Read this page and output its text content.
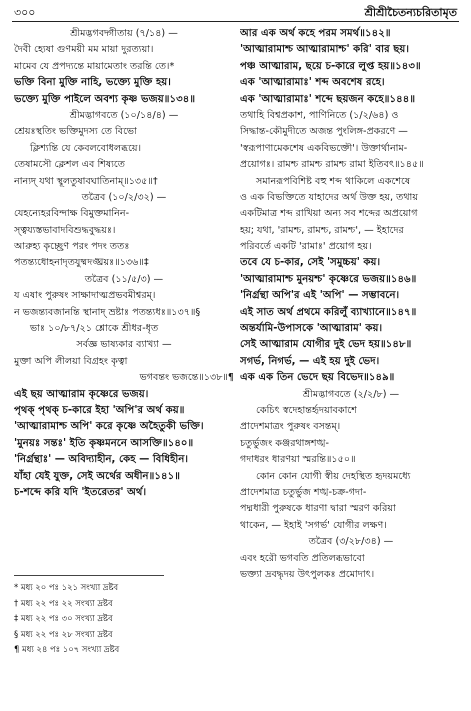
৩০০	শ্রীশ্রীচৈতন্যচরিতামৃত
শ্রীমদ্ভগবদ্গীতায় (৭/১৪) —
দৈবী হ্যেষা গুণময়ী মম মায়া দুরত্যয়া।
মামেব যে প্রপদ্যন্তে মায়ামেতাং তরন্তি তে।*
ভক্তি বিনা মুক্তি নাহি, ভক্ত্যে মুক্তি হয়।
ভক্ত্যে মুক্তি পাইলে অবশ্য কৃষ্ণ ভজয়॥১৩৪॥
শ্রীমদ্ভাগবতে (১০/১৪/৪) —
শ্রেয়ঃস্থতিং ভক্তিমুদস্য তে বিভো
ক্লিশ্যন্তি যে কেবলবোধলব্ধয়ে।
তেষামসৌ ক্লেশল এব শিষ্যতে
নান্যদ্ যথা স্থূলতুষাবঘাতিনাম্॥১৩৫॥†
তত্রৈব (১০/২/৩২) —
যেহন্যেহরবিন্দাক্ষ বিমুক্তমানিন-
স্ত্বয্যস্তভাবাদবিশুদ্ধবুদ্ধয়ঃ।
আরুহ্য কৃচ্ছ্রেণ পরং পদং ততঃ
পতন্ত্যধোহনাদৃতযুষ্মদঙ্ঘ্রয়ঃ॥১৩৬॥‡
তত্রৈব (১১/৫/৩) —
য এষাং পুরুষং সাক্ষাদাত্মপ্রভবমীশ্বরম্।
ন ভজন্ত্যবজানন্তি স্থানাদ্ ভ্রষ্টাঃ পতন্ত্যধঃ॥১৩৭॥§
ভাঃ ১০/৮৭/২১ শ্লোকে শ্রীধর-ধৃত
সর্বজ্ঞ ভাষ্যকার ব্যাখ্যা —
মুক্তা অপি লীলয়া বিগ্রহং কৃত্বা
ভগবন্তং ভজন্তে॥১৩৮॥¶
এই ছয় আত্মারাম কৃষ্ণেরে ভজয়।
পৃথক্ পৃথক্ চ-কারে ইহা 'অপি'র অর্থ কয়॥
'আত্মারামাশ্চ অপি' করে কৃষ্ণে অহৈতুকী ভক্তি।
'মুনয়ঃ সন্তঃ' ইতি কৃষ্ণমননে আসক্তি॥১৪০॥
'নির্গ্রন্থাঃ' — অবিদ্যাহীন, কেহ — বিধিহীন।
যাঁহা যেই যুক্ত, সেই অর্থের অধীন॥১৪১॥
চ-শব্দে করি যদি 'ইতরেতর' অর্থ।
আর এক অর্থ কহে পরম সমর্থ॥১৪২॥
'আত্মারামাশ্চ আত্মারামাশ্চ' করি' বার ছয়।
পঞ্চ আত্মারাম, ছয়ে চ-কারে লুপ্ত হয়॥১৪৩॥
এক 'আত্মারামাঃ' শব্দ অবশেষ রহে।
এক 'আত্মারামাঃ' শব্দে ছয়জন কহে॥১৪৪॥
তথাহি বিশ্বপ্রকাশ, পাণিনিতে (১/২/৬৪) ও
সিদ্ধান্ত-কৌমুদীতে অজন্ত পুংলিঙ্গ-প্রকরণে —
'স্বরূপাণামেকশেষ একবিভক্তৌ'। উক্তার্থানাম-
প্রয়োগঃ। রামশ্চ রামশ্চ রামশ্চ রামা ইতিবৎ॥১৪৫॥
সমানরূপবিশিষ্ট বহু শব্দ থাকিলে একশেষে
ও এক বিভক্তিতে যাহাদের অর্থ উক্ত হয়, তথায়
একটিমাত্র শব্দ রাখিয়া অন্য সব শব্দের অপ্রয়োগ
হয়; যথা, 'রামশ্চ, রামশ্চ, রামশ্চ', — ইহাদের
পরিবর্তে একটি 'রামাঃ' প্রয়োগ হয়।
তবে যে চ-কার, সেই 'সমুচ্চয়' কয়।
'আত্মারামাশ্চ মুনয়শ্চ' কৃষ্ণেরে ভজয়॥১৪৬॥
'নির্গ্রন্থা অপি'র এই 'অপি' — সম্ভাবনে।
এই সাত অর্থ প্রথমে করিলুঁ ব্যাখ্যানে॥১৪৭॥
অন্তর্যামি-উপাসকে 'আত্মারাম' কয়।
সেই আত্মারাম যোগীর দুই ভেদ হয়॥১৪৮॥
সগর্ভ, নিগর্ভ, — এই হয় দুই ভেদ।
এক এক তিন ভেদে ছয় বিভেদ॥১৪৯॥
শ্রীমদ্ভাগবতে (২/২/৮) —
কেচিৎ স্বদেহান্তর্হৃদয়াবকাশে
প্রাদেশমাত্রং পুরুষং বসন্তম্।
চতুর্ভুজং কঞ্জরথাঙ্গশঙ্খ-
গদাধরং ধারণয়া স্মরন্তি॥১৫০॥
কোন কোন যোগী স্বীয় দেহস্থিত হৃদয়মধ্যে
প্রাদেশমাত্র চতুর্ভুজ শঙ্খ-চক্র-গদা-
পদ্মধারী পুরুষকে ধারণা দ্বারা স্মরণ করিয়া
থাকেন, — ইহাই 'সগর্ভ' যোগীর লক্ষণ।
তত্রৈব (৩/২৮/৩৪) —
এবং হরৌ ভগবতি প্রতিলব্ধভাবো
ভক্ত্যা দ্রবদ্ধৃদয় উৎপুলকঃ প্রমোদাৎ।
* মধ্য ২০ পঃ ১২১ সংখ্যা দ্রষ্টব
† মধ্য ২২ পঃ ২২ সংখ্যা দ্রষ্টব
‡ মধ্য ২২ পঃ ৩০ সংখ্যা দ্রষ্টব
§ মধ্য ২২ পঃ ২৮ সংখ্যা দ্রষ্টব
¶ মধ্য ২৪ পঃ ১০৭ সংখ্যা দ্রষ্টব
